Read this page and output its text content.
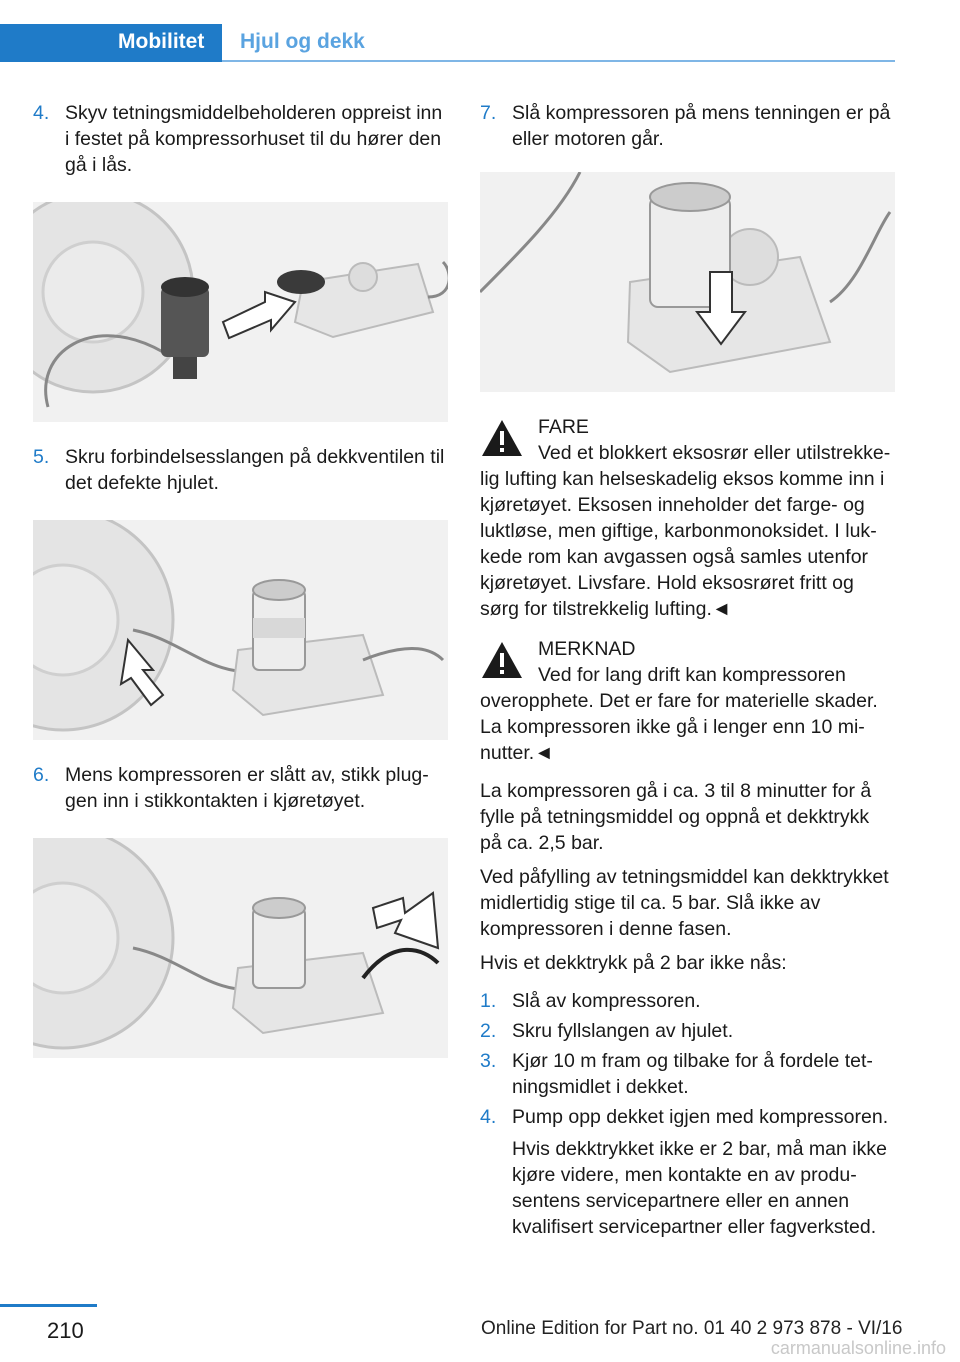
Mobilitet	Hjul og dekk
4. Skyv tetningsmiddelbeholderen oppreist inn i festet på kompressorhuset til du hører den gå i lås.
5. Skru forbindelsesslangen på dekkventilen til det defekte hjulet.
6. Mens kompressoren er slått av, stikk pluggen inn i stikkontakten i kjøretøyet.
7. Slå kompressoren på mens tenningen er på eller motoren går.
FARE
Ved et blokkert eksosrør eller utilstrekkelig lufting kan helseskadelig eksos komme inn i kjøretøyet. Eksosen inneholder det farge- og luktløse, men giftige, karbonmonoksidet. I lukkede rom kan avgassen også samles utenfor kjøretøyet. Livsfare. Hold eksosrøret fritt og sørg for tilstrekkelig lufting.◄
MERKNAD
Ved for lang drift kan kompressoren overopphete. Det er fare for materielle skader. La kompressoren ikke gå i lenger enn 10 minutter.◄
La kompressoren gå i ca. 3 til 8 minutter for å fylle på tetningsmiddel og oppnå et dekktrykk på ca. 2,5 bar.
Ved påfylling av tetningsmiddel kan dekktrykket midlertidig stige til ca. 5 bar. Slå ikke av kompressoren i denne fasen.
Hvis et dekktrykk på 2 bar ikke nås:
1. Slå av kompressoren.
2. Skru fyllslangen av hjulet.
3. Kjør 10 m fram og tilbake for å fordele tetningsmidlet i dekket.
4. Pump opp dekket igjen med kompressoren.
Hvis dekktrykket ikke er 2 bar, må man ikke kjøre videre, men kontakte en av produsentens servicepartnere eller en annen kvalifisert servicepartner eller fagverksted.
210	Online Edition for Part no. 01 40 2 973 878 - VI/16
carmanualsonline.info
